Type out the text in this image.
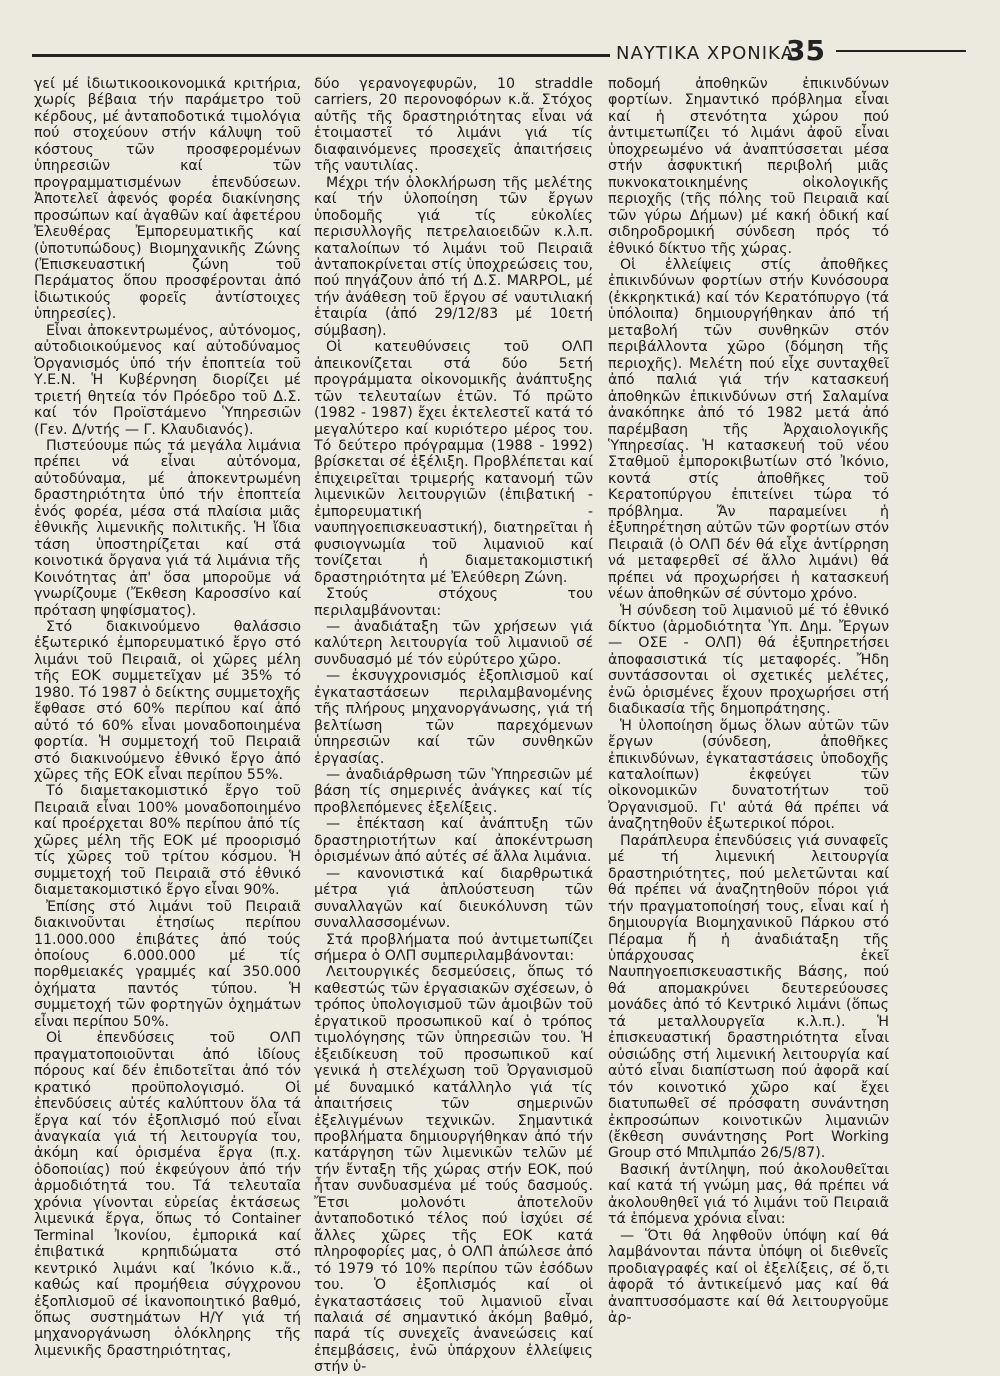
ΝΑΥΤΙΚΑ ΧΡΟΝΙΚΑ
35

γεί μέ ἰδιωτικοοικονομικά κριτήρια, χωρίς βέβαια τήν παράμετρο τοῦ κέρδους, μέ ἀνταποδοτικά τιμολόγια πού στοχεύουν στήν κάλυψη τοῦ κόστους τῶν προσφερομένων ὑπηρεσιῶν καί τῶν προγραμματισμένων ἐπενδύσεων. Ἀποτελεῖ ἀφενός φορέα διακίνησης προσώπων καί ἀγαθῶν καί ἀφετέρου Ἐλευθέρας Ἐμπορευματικῆς καί (ὑποτυπώδους) Βιομηχανικῆς Ζώνης (Ἐπισκευαστική ζώνη τοῦ Περάματος ὅπου προσφέρονται ἀπό ἰδιωτικούς φορεῖς ἀντίστοιχες ὑπηρεσίες).

Εἶναι ἀποκεντρωμένος, αὐτόνομος, αὐτοδιοικούμενος καί αὐτοδύναμος Ὀργανισμός ὑπό τήν ἐποπτεία τοῦ Υ.Ε.Ν. Ἡ Κυβέρνηση διορίζει μέ τριετή θητεία τόν Πρόεδρο τοῦ Δ.Σ. καί τόν Προϊστάμενο Ὑπηρεσιῶν (Γεν. Δ/ντής — Γ. Κλαυδιανός).

Πιστεύουμε πώς τά μεγάλα λιμάνια πρέπει νά εἶναι αὐτόνομα, αὐτοδύναμα, μέ ἀποκεντρωμένη δραστηριότητα ὑπό τήν ἐποπτεία ἑνός φορέα, μέσα στά πλαίσια μιᾶς ἐθνικῆς λιμενικῆς πολιτικῆς. Ἡ ἴδια τάση ὑποστηρίζεται καί στά κοινοτικά ὄργανα γιά τά λιμάνια τῆς Κοινότητας ἀπ' ὅσα μποροῦμε νά γνωρίζουμε (Ἔκθεση Καροσσίνο καί πρόταση ψηφίσματος).

Στό διακινούμενο θαλάσσιο ἐξωτερικό ἐμπορευματικό ἔργο στό λιμάνι τοῦ Πειραιᾶ, οἱ χῶρες μέλη τῆς ΕΟΚ συμμετεῖχαν μέ 35% τό 1980. Τό 1987 ὁ δείκτης συμμετοχῆς ἔφθασε στό 60% περίπου καί ἀπό αὐτό τό 60% εἶναι μοναδοποιημένα φορτία. Ἡ συμμετοχή τοῦ Πειραιᾶ στό διακινούμενο ἐθνικό ἔργο ἀπό χῶρες τῆς ΕΟΚ εἶναι περίπου 55%.

Τό διαμετακομιστικό ἔργο τοῦ Πειραιᾶ εἶναι 100% μοναδοποιημένο καί προέρχεται 80% περίπου ἀπό τίς χῶρες μέλη τῆς ΕΟΚ μέ προορισμό τίς χῶρες τοῦ τρίτου κόσμου. Ἡ συμμετοχή τοῦ Πειραιᾶ στό ἐθνικό διαμετακομιστικό ἔργο εἶναι 90%.

Ἐπίσης στό λιμάνι τοῦ Πειραιᾶ διακινοῦνται ἐτησίως περίπου 11.000.000 ἐπιβάτες ἀπό τούς ὁποίους 6.000.000 μέ τίς πορθμειακές γραμμές καί 350.000 ὀχήματα παντός τύπου. Ἡ συμμετοχή τῶν φορτηγῶν ὀχημάτων εἶναι περίπου 50%.

Οἱ ἐπενδύσεις τοῦ ΟΛΠ πραγματοποιοῦνται ἀπό ἰδίους πόρους καί δέν ἐπιδοτεῖται ἀπό τόν κρατικό προϋπολογισμό. Οἱ ἐπενδύσεις αὐτές καλύπτουν ὅλα τά ἔργα καί τόν ἐξοπλισμό πού εἶναι ἀναγκαία γιά τή λειτουργία του, ἀκόμη καί ὁρισμένα ἔργα (π.χ. ὁδοποιίας) πού ἐκφεύγουν ἀπό τήν ἁρμοδιότητά του. Τά τελευταῖα χρόνια γίνονται εὐρείας ἐκτάσεως λιμενικά ἔργα, ὅπως τό Container Terminal Ἰκονίου, ἐμπορικά καί ἐπιβατικά κρηπιδώματα στό κεντρικό λιμάνι καί Ἰκόνιο κ.ἄ., καθώς καί προμήθεια σύγχρονου ἐξοπλισμοῦ σέ ἱκανοποιητικό βαθμό, ὅπως συστημάτων Η/Υ γιά τή μηχανοργάνωση ὁλόκληρης τῆς λιμενικῆς δραστηριότητας,

δύο γερανογεφυρῶν, 10 straddle carriers, 20 περονοφόρων κ.ἄ. Στόχος αὐτῆς τῆς δραστηριότητας εἶναι νά ἑτοιμαστεῖ τό λιμάνι γιά τίς διαφαινόμενες προσεχεῖς ἀπαιτήσεις τῆς ναυτιλίας.

Μέχρι τήν ὁλοκλήρωση τῆς μελέτης καί τήν ὑλοποίηση τῶν ἔργων ὑποδομῆς γιά τίς εὐκολίες περισυλλογῆς πετρελαιοειδῶν κ.λ.π. καταλοίπων τό λιμάνι τοῦ Πειραιᾶ ἀνταποκρίνεται στίς ὑποχρεώσεις του, πού πηγάζουν ἀπό τή Δ.Σ. MARPOL, μέ τήν ἀνάθεση τοῦ ἔργου σέ ναυτιλιακή ἑταιρία (ἀπό 29/12/83 μέ 10ετή σύμβαση).

Οἱ κατευθύνσεις τοῦ ΟΛΠ ἀπεικονίζεται στά δύο 5ετή προγράμματα οἰκονομικῆς ἀνάπτυξης τῶν τελευταίων ἐτῶν. Τό πρῶτο (1982 - 1987) ἔχει ἐκτελεστεῖ κατά τό μεγαλύτερο καί κυριότερο μέρος του. Τό δεύτερο πρόγραμμα (1988 - 1992) βρίσκεται σέ ἐξέλιξη. Προβλέπεται καί ἐπιχειρεῖται τριμερής κατανομή τῶν λιμενικῶν λειτουργιῶν (ἐπιβατική - ἐμπορευματική - ναυπηγοεπισκευαστική), διατηρεῖται ἡ φυσιογνωμία τοῦ λιμανιοῦ καί τονίζεται ἡ διαμετακομιστική δραστηριότητα μέ Ἐλεύθερη Ζώνη.

Στούς στόχους του περιλαμβάνονται:

— ἀναδιάταξη τῶν χρήσεων γιά καλύτερη λειτουργία τοῦ λιμανιοῦ σέ συνδυασμό μέ τόν εὐρύτερο χῶρο.

— ἐκσυγχρονισμός ἐξοπλισμοῦ καί ἐγκαταστάσεων περιλαμβανομένης τῆς πλήρους μηχανοργάνωσης, γιά τή βελτίωση τῶν παρεχόμενων ὑπηρεσιῶν καί τῶν συνθηκῶν ἐργασίας.

— ἀναδιάρθρωση τῶν Ὑπηρεσιῶν μέ βάση τίς σημερινές ἀνάγκες καί τίς προβλεπόμενες ἐξελίξεις.

— ἐπέκταση καί ἀνάπτυξη τῶν δραστηριοτήτων καί ἀποκέντρωση ὁρισμένων ἀπό αὐτές σέ ἄλλα λιμάνια.

— κανονιστικά καί διαρθρωτικά μέτρα γιά ἁπλούστευση τῶν συναλλαγῶν καί διευκόλυνση τῶν συναλλασσομένων.

Στά προβλήματα πού ἀντιμετωπίζει σήμερα ὁ ΟΛΠ συμπεριλαμβάνονται:

Λειτουργικές δεσμεύσεις, ὅπως τό καθεστώς τῶν ἐργασιακῶν σχέσεων, ὁ τρόπος ὑπολογισμοῦ τῶν ἀμοιβῶν τοῦ ἐργατικοῦ προσωπικοῦ καί ὁ τρόπος τιμολόγησης τῶν ὑπηρεσιῶν του. Ἡ ἐξειδίκευση τοῦ προσωπικοῦ καί γενικά ἡ στελέχωση τοῦ Ὀργανισμοῦ μέ δυναμικό κατάλληλο γιά τίς ἀπαιτήσεις τῶν σημερινῶν ἐξελιγμένων τεχνικῶν. Σημαντικά προβλήματα δημιουργήθηκαν ἀπό τήν κατάργηση τῶν λιμενικῶν τελῶν μέ τήν ἔνταξη τῆς χώρας στήν ΕΟΚ, πού ἦταν συνδυασμένα μέ τούς δασμούς. Ἔτσι μολονότι ἀποτελοῦν ἀνταποδοτικό τέλος πού ἰσχύει σέ ἄλλες χῶρες τῆς ΕΟΚ κατά πληροφορίες μας, ὁ ΟΛΠ ἀπώλεσε ἀπό τό 1979 τό 10% περίπου τῶν ἐσόδων του. Ὁ ἐξοπλισμός καί οἱ ἐγκαταστάσεις τοῦ λιμανιοῦ εἶναι παλαιά σέ σημαντικό ἀκόμη βαθμό, παρά τίς συνεχεῖς ἀνανεώσεις καί ἐπεμβάσεις, ἐνῶ ὑπάρχουν ἐλλείψεις στήν ὑ-

ποδομή ἀποθηκῶν ἐπικινδύνων φορτίων. Σημαντικό πρόβλημα εἶναι καί ἡ στενότητα χώρου πού ἀντιμετωπίζει τό λιμάνι ἀφοῦ εἶναι ὑποχρεωμένο νά ἀναπτύσσεται μέσα στήν ἀσφυκτική περιβολή μιᾶς πυκνοκατοικημένης οἰκολογικῆς περιοχῆς (τῆς πόλης τοῦ Πειραιᾶ καί τῶν γύρω Δήμων) μέ κακή ὁδική καί σιδηροδρομική σύνδεση πρός τό ἐθνικό δίκτυο τῆς χώρας.

Οἱ ἐλλείψεις στίς ἀποθῆκες ἐπικινδύνων φορτίων στήν Κυνόσουρα (ἐκκρηκτικά) καί τόν Κερατόπυργο (τά ὑπόλοιπα) δημιουργήθηκαν ἀπό τή μεταβολή τῶν συνθηκῶν στόν περιβάλλοντα χῶρο (δόμηση τῆς περιοχῆς). Μελέτη πού εἶχε συνταχθεῖ ἀπό παλιά γιά τήν κατασκευή ἀποθηκῶν ἐπικινδύνων στή Σαλαμίνα ἀνακόπηκε ἀπό τό 1982 μετά ἀπό παρέμβαση τῆς Ἀρχαιολογικῆς Ὑπηρεσίας. Ἡ κατασκευή τοῦ νέου Σταθμοῦ ἐμποροκιβωτίων στό Ἰκόνιο, κοντά στίς ἀποθῆκες τοῦ Κερατοπύργου ἐπιτείνει τώρα τό πρόβλημα. Ἄν παραμείνει ἡ ἐξυπηρέτηση αὐτῶν τῶν φορτίων στόν Πειραιᾶ (ὁ ΟΛΠ δέν θά εἶχε ἀντίρρηση νά μεταφερθεῖ σέ ἄλλο λιμάνι) θά πρέπει νά προχωρήσει ἡ κατασκευή νέων ἀποθηκῶν σέ σύντομο χρόνο.

Ἡ σύνδεση τοῦ λιμανιοῦ μέ τό ἐθνικό δίκτυο (ἁρμοδιότητα Ὑπ. Δημ. Ἔργων — ΟΣΕ - ΟΛΠ) θά ἐξυπηρετήσει ἀποφασιστικά τίς μεταφορές. Ἤδη συντάσσονται οἱ σχετικές μελέτες, ἐνῶ ὁρισμένες ἔχουν προχωρήσει στή διαδικασία τῆς δημοπράτησης.

Ἡ ὑλοποίηση ὅμως ὅλων αὐτῶν τῶν ἔργων (σύνδεση, ἀποθῆκες ἐπικινδύνων, ἐγκαταστάσεις ὑποδοχῆς καταλοίπων) ἐκφεύγει τῶν οἰκονομικῶν δυνατοτήτων τοῦ Ὀργανισμοῦ. Γι' αὐτά θά πρέπει νά ἀναζητηθοῦν ἐξωτερικοί πόροι.

Παράπλευρα ἐπενδύσεις γιά συναφεῖς μέ τή λιμενική λειτουργία δραστηριότητες, πού μελετῶνται καί θά πρέπει νά ἀναζητηθοῦν πόροι γιά τήν πραγματοποίησή τους, εἶναι καί ἡ δημιουργία Βιομηχανικοῦ Πάρκου στό Πέραμα ἤ ἡ ἀναδιάταξη τῆς ὑπάρχουσας ἐκεῖ Ναυπηγοεπισκευαστικῆς Βάσης, πού θά απομακρύνει δευτερεύουσες μονάδες ἀπό τό Κεντρικό λιμάνι (ὅπως τά μεταλλουργεῖα κ.λ.π.). Ἡ ἐπισκευαστική δραστηριότητα εἶναι οὐσιώδης στή λιμενική λειτουργία καί αὐτό εἶναι διαπίστωση πού ἀφορᾶ καί τόν κοινοτικό χῶρο καί ἔχει διατυπωθεῖ σέ πρόσφατη συνάντηση ἐκπροσώπων κοινοτικῶν λιμανιῶν (ἔκθεση συνάντησης Port Working Group στό Μπιλμπάο 26/5/87).

Βασική ἀντίληψη, πού ἀκολουθεῖται καί κατά τή γνώμη μας, θά πρέπει νά ἀκολουθηθεῖ γιά τό λιμάνι τοῦ Πειραιᾶ τά ἑπόμενα χρόνια εἶναι:

— Ὅτι θά ληφθοῦν ὑπόψη καί θά λαμβάνονται πάντα ὑπόψη οἱ διεθνεῖς προδιαγραφές καί οἱ ἐξελίξεις, σέ ὅ,τι ἀφορᾶ τό ἀντικείμενό μας καί θά ἀναπτυσσόμαστε καί θά λειτουργοῦμε ἀρ-
